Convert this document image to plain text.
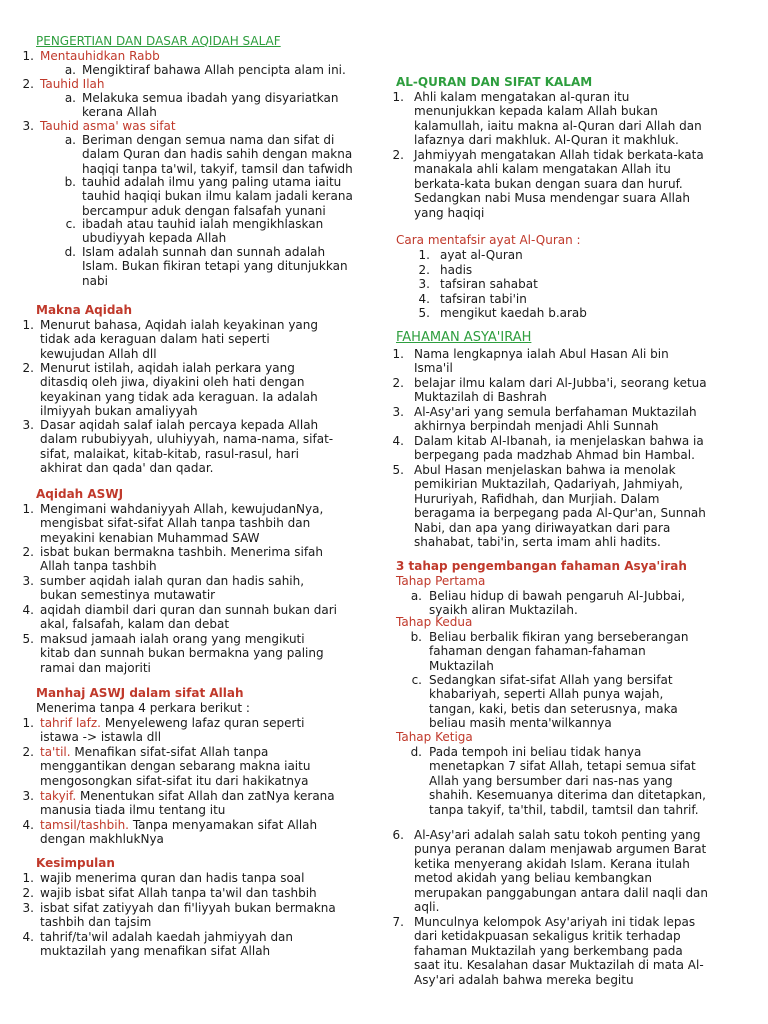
PENGERTIAN DAN DASAR AQIDAH SALAF
1. Mentauhidkan Rabb
a. Mengiktiraf bahawa Allah pencipta alam ini.
2. Tauhid Ilah
a. Melakuka semua ibadah yang disyariatkan
kerana Allah
3. Tauhid asma' was sifat
a. Beriman dengan semua nama dan sifat di
dalam Quran dan hadis sahih dengan makna
haqiqi tanpa ta'wil, takyif, tamsil dan tafwidh
b. tauhid adalah ilmu yang paling utama iaitu
tauhid haqiqi bukan ilmu kalam jadali kerana
bercampur aduk dengan falsafah yunani
c. ibadah atau tauhid ialah mengikhlaskan
ubudiyyah kepada Allah
d. Islam adalah sunnah dan sunnah adalah
Islam. Bukan fikiran tetapi yang ditunjukkan
nabi
Makna Aqidah
1. Menurut bahasa, Aqidah ialah keyakinan yang
tidak ada keraguan dalam hati seperti
kewujudan Allah dll
2. Menurut istilah, aqidah ialah perkara yang
ditasdiq oleh jiwa, diyakini oleh hati dengan
keyakinan yang tidak ada keraguan. Ia adalah
ilmiyyah bukan amaliyyah
3. Dasar aqidah salaf ialah percaya kepada Allah
dalam rububiyyah, uluhiyyah, nama-nama, sifat-
sifat, malaikat, kitab-kitab, rasul-rasul, hari
akhirat dan qada' dan qadar.
Aqidah ASWJ
1. Mengimani wahdaniyyah Allah, kewujudanNya,
mengisbat sifat-sifat Allah tanpa tashbih dan
meyakini kenabian Muhammad SAW
2. isbat bukan bermakna tashbih. Menerima sifah
Allah tanpa tashbih
3. sumber aqidah ialah quran dan hadis sahih,
bukan semestinya mutawatir
4. aqidah diambil dari quran dan sunnah bukan dari
akal, falsafah, kalam dan debat
5. maksud jamaah ialah orang yang mengikuti
kitab dan sunnah bukan bermakna yang paling
ramai dan majoriti
Manhaj ASWJ dalam sifat Allah
Menerima tanpa 4 perkara berikut :
1. tahrif lafz. Menyeleweng lafaz quran seperti
istawa -> istawla dll
2. ta'til. Menafikan sifat-sifat Allah tanpa
menggantikan dengan sebarang makna iaitu
mengosongkan sifat-sifat itu dari hakikatnya
3. takyif. Menentukan sifat Allah dan zatNya kerana
manusia tiada ilmu tentang itu
4. tamsil/tashbih. Tanpa menyamakan sifat Allah
dengan makhlukNya
Kesimpulan
1. wajib menerima quran dan hadis tanpa soal
2. wajib isbat sifat Allah tanpa ta'wil dan tashbih
3. isbat sifat zatiyyah dan fi'liyyah bukan bermakna
tashbih dan tajsim
4. tahrif/ta'wil adalah kaedah jahmiyyah dan
muktazilah yang menafikan sifat Allah
AL-QURAN DAN SIFAT KALAM
1. Ahli kalam mengatakan al-quran itu
menunjukkan kepada kalam Allah bukan
kalamullah, iaitu makna al-Quran dari Allah dan
lafaznya dari makhluk. Al-Quran it makhluk.
2. Jahmiyyah mengatakan Allah tidak berkata-kata
manakala ahli kalam mengatakan Allah itu
berkata-kata bukan dengan suara dan huruf.
Sedangkan nabi Musa mendengar suara Allah
yang haqiqi
Cara mentafsir ayat Al-Quran :
1. ayat al-Quran
2. hadis
3. tafsiran sahabat
4. tafsiran tabi'in
5. mengikut kaedah b.arab
FAHAMAN ASYA'IRAH
1. Nama lengkapnya ialah Abul Hasan Ali bin
Isma'il
2. belajar ilmu kalam dari Al-Jubba'i, seorang ketua
Muktazilah di Bashrah
3. Al-Asy'ari yang semula berfahaman Muktazilah
akhirnya berpindah menjadi Ahli Sunnah
4. Dalam kitab Al-Ibanah, ia menjelaskan bahwa ia
berpegang pada madzhab Ahmad bin Hambal.
5. Abul Hasan menjelaskan bahwa ia menolak
pemikirian Muktazilah, Qadariyah, Jahmiyah,
Hururiyah, Rafidhah, dan Murjiah. Dalam
beragama ia berpegang pada Al-Qur'an, Sunnah
Nabi, dan apa yang diriwayatkan dari para
shahabat, tabi'in, serta imam ahli hadits.
3 tahap pengembangan fahaman Asya'irah
Tahap Pertama
a. Beliau hidup di bawah pengaruh Al-Jubbai,
syaikh aliran Muktazilah.
Tahap Kedua
b. Beliau berbalik fikiran yang berseberangan
fahaman dengan fahaman-fahaman
Muktazilah
c. Sedangkan sifat-sifat Allah yang bersifat
khabariyah, seperti Allah punya wajah,
tangan, kaki, betis dan seterusnya, maka
beliau masih menta'wilkannya
Tahap Ketiga
d. Pada tempoh ini beliau tidak hanya
menetapkan 7 sifat Allah, tetapi semua sifat
Allah yang bersumber dari nas-nas yang
shahih. Kesemuanya diterima dan ditetapkan,
tanpa takyif, ta'thil, tabdil, tamtsil dan tahrif.
6. Al-Asy'ari adalah salah satu tokoh penting yang
punya peranan dalam menjawab argumen Barat
ketika menyerang akidah Islam. Kerana itulah
metod akidah yang beliau kembangkan
merupakan panggabungan antara dalil naqli dan
aqli.
7. Munculnya kelompok Asy'ariyah ini tidak lepas
dari ketidakpuasan sekaligus kritik terhadap
fahaman Muktazilah yang berkembang pada
saat itu. Kesalahan dasar Muktazilah di mata Al-
Asy'ari adalah bahwa mereka begitu
